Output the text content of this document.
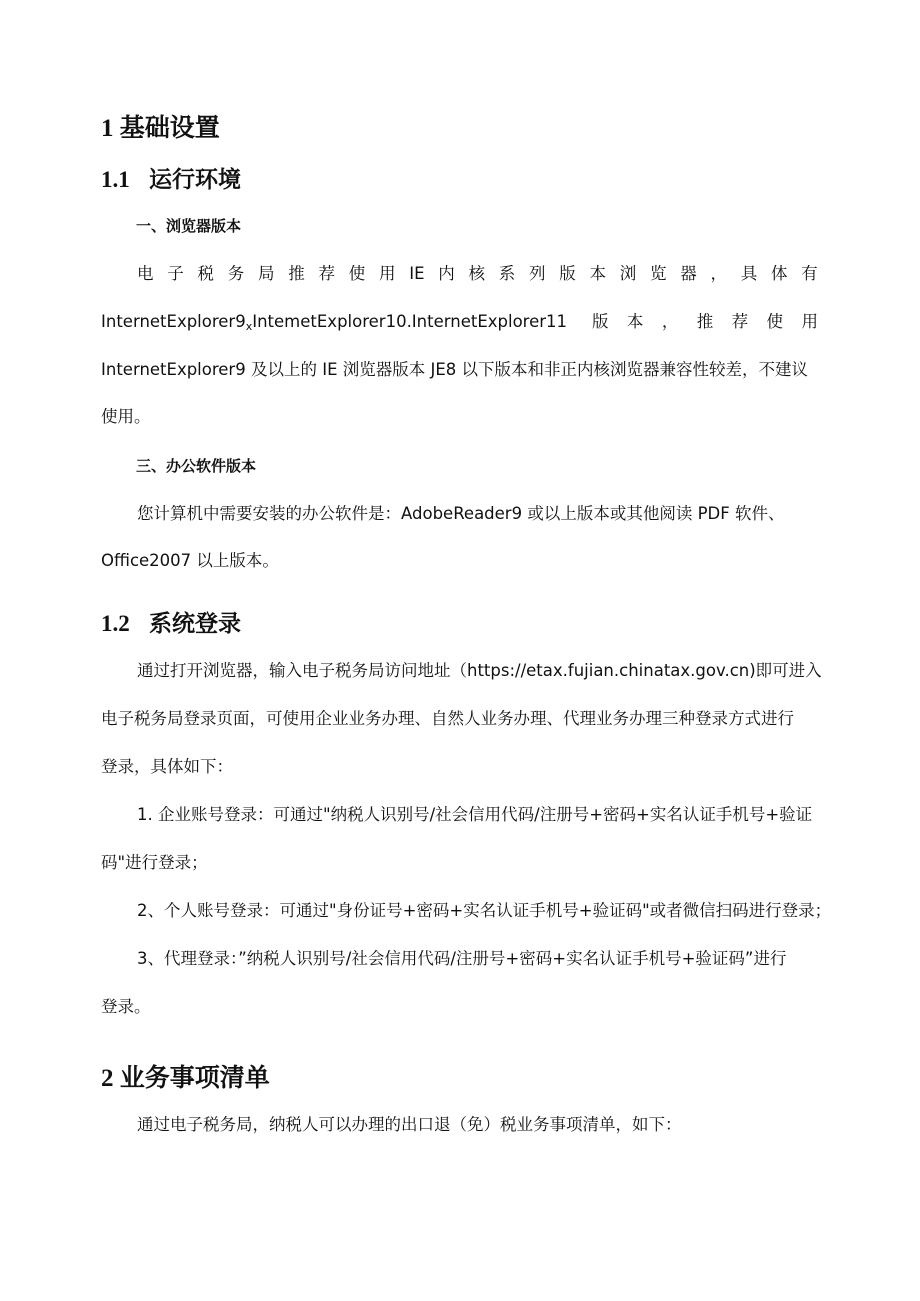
1 基础设置
1.1 运行环境
一、浏览器版本
电 子 税 务 局 推 荐 使 用 IE 内 核 系 列 版 本 浏 览 器 ， 具 体 有
$InternetExplorer9_xIntemetExplorer10.InternetExplorer11$ 版 本 ， 推 荐 使 用
InternetExplorer9 及以上的 IE 浏览器版本 JE8 以下版本和非正内核浏览器兼容性较差，不建议
使用。
三、办公软件版本
您计算机中需要安装的办公软件是：AdobeReader9 或以上版本或其他阅读 PDF 软件、
Office2007 以上版本。
1.2 系统登录
通过打开浏览器，输入电子税务局访问地址（https://etax.fujian.chinatax.gov.cn)即可进入
电子税务局登录页面，可使用企业业务办理、自然人业务办理、代理业务办理三种登录方式进行
登录，具体如下：
1. 企业账号登录：可通过"纳税人识别号/社会信用代码/注册号+密码+实名认证手机号+验证
码"进行登录；
2、个人账号登录：可通过"身份证号+密码+实名认证手机号+验证码"或者微信扫码进行登录；
3、代理登录：”纳税人识别号/社会信用代码/注册号+密码+实名认证手机号+验证码”进行
登录。
2 业务事项清单
通过电子税务局，纳税人可以办理的出口退（免）税业务事项清单，如下：
